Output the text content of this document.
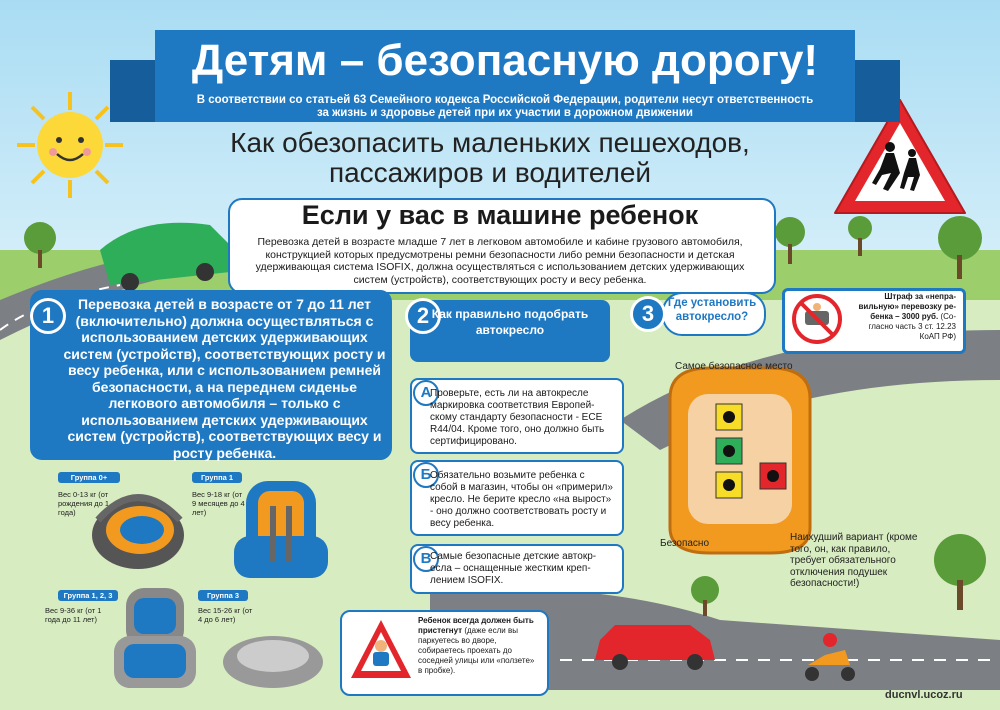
Детям – безопасную дорогу!
В соответствии со статьей 63 Семейного кодекса Российской Федерации, родители несут ответственность
за жизнь и здоровье детей при их участии в дорожном движении
Как обезопасить маленьких пешеходов,
пассажиров и водителей
Если у вас в машине ребенок
Перевозка детей в возрасте младше 7 лет в легковом автомобиле и кабине грузового автомобиля, конструкцией которых предусмотрены ремни безопасности либо ремни безопасности и детская удерживающая система ISOFIX, должна осуществляться с использованием детских удерживающих систем (устройств), соответствующих росту и весу ребенка.
1	Перевозка детей в возрасте от 7 до 11 лет (включительно) должна осуществляться с использованием детских удерживающих систем (устройств), соответствующих росту и весу ребенка, или с использованием ремней безопасности, а на переднем сиденье легкового автомобиля – только с использованием детских удерживающих систем (устройств), соответствующих весу и росту ребенка.
2 Как правильно подобрать автокресло
3	Где установить автокресло?
Штраф за «неправильную» перевозку ребенка – 3000 руб. (Согласно часть 3 ст. 12.23 КоАП РФ)
А
Проверьте, есть ли на автокресле маркировка соответствия Европейскому стандарту безопасности - ECE R44/04. Кроме того, оно должно быть сертифицировано.
Б
Обязательно возьмите ребенка с собой в магазин, чтобы он «примерил» кресло. Не берите кресло «на вырост» - оно должно соответствовать росту и весу ребенка.
В
Самые безопасные детские автокресла – оснащенные жестким креплением ISOFIX.
Группа 0+
Вес 0-13 кг (от рождения до 1 года)
Группа 1
Вес 9-18 кг (от 9 месяцев до 4 лет)
Группа 1, 2, 3
Вес 9-36 кг (от 1 года до 11 лет)
Группа 3
Вес 15-26 кг (от 4 до 6 лет)
Самое безопасное место
Безопасно
Наихудший вариант (кроме того, он, как правило, требует обязательного отключения подушек безопасности!)
Ребенок всегда должен быть пристегнут (даже если вы паркуетесь во дворе, собираетесь проехать до соседней улицы или «ползете» в пробке).
ducnvl.ucoz.ru
